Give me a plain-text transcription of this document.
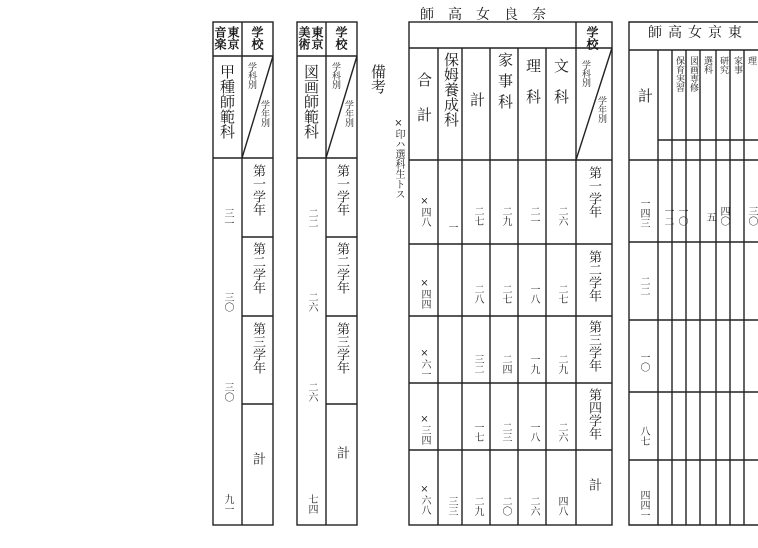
音楽 東京 学校
学科別
学年別
甲種師範科
第一学年
第二学年
第三学年
計
三一
三〇
三〇
九一
美術 東京 学校
学科別
学年別
図画師範科
第一学年
第二学年
第三学年
計
二二
二六
二六
七四
備考
×印ハ選科生トス
奈良女高師
学校
学科別
学年別
文科
理科
家事科
計
保姆養成科
合計
第一学年
第二学年
第三学年
第四学年
計
二六
二一
二九
二七
一
×四八
二七
一八
二七
二八
×四四
二九
一九
二四
三二
×六一
二六
一八
二三
一七
×三四
四八
二六
二〇
二九
三三
×六八
東京女高師
理
家事
研究
選科
図画専修
保育実習
計
一四三
二二
一〇
八七
四四一
一二 一〇 五 四〇 三〇
